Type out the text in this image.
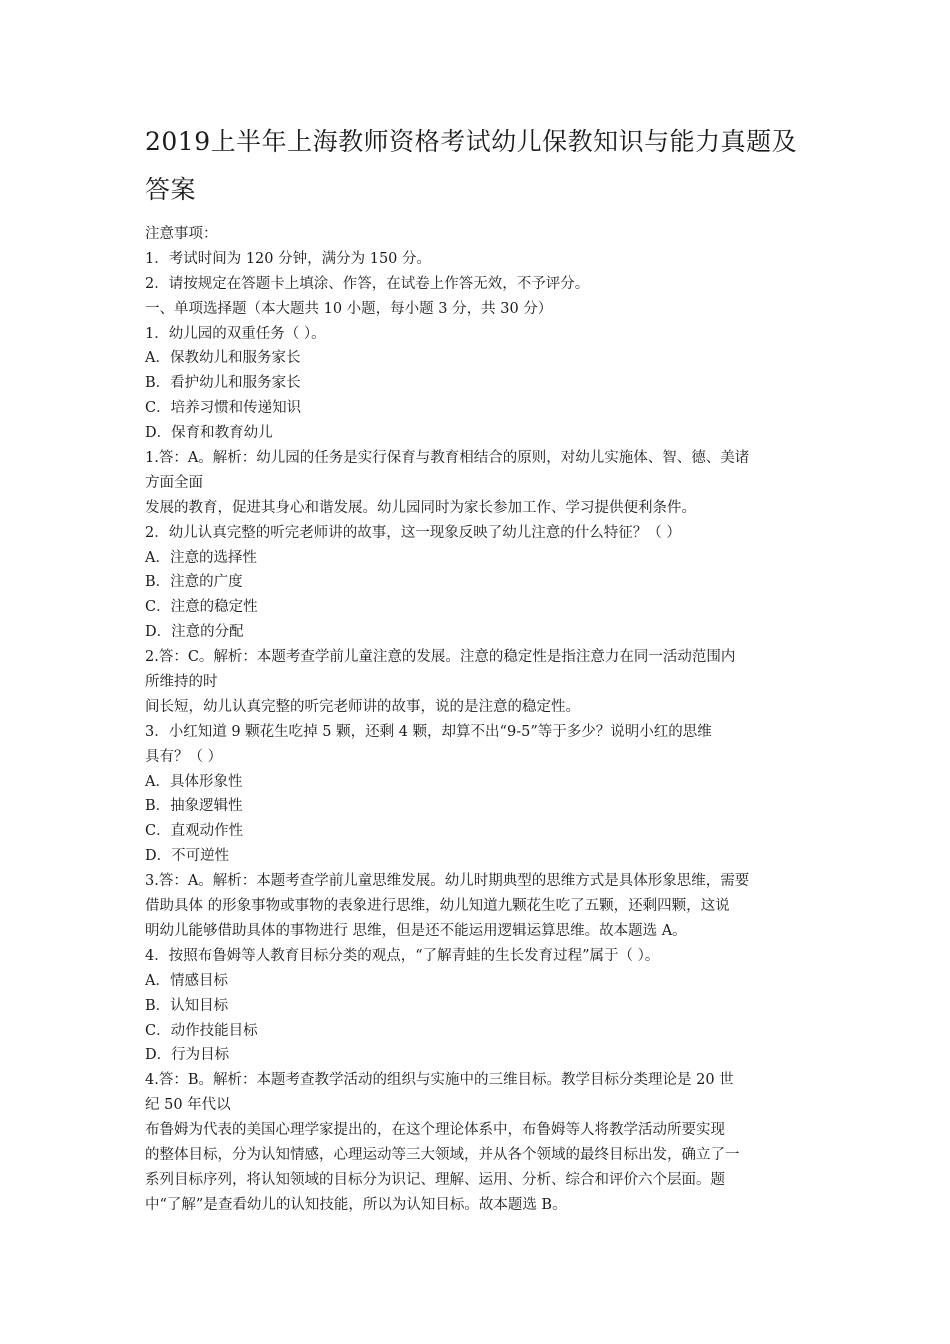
2019上半年上海教师资格考试幼儿保教知识与能力真题及
答案
注意事项：
1．考试时间为 120 分钟，满分为 150 分。
2．请按规定在答题卡上填涂、作答，在试卷上作答无效，不予评分。
一、单项选择题（本大题共 10 小题，每小题 3 分，共 30 分）
1．幼儿园的双重任务（ ）。
A．保教幼儿和服务家长
B．看护幼儿和服务家长
C．培养习惯和传递知识
D．保育和教育幼儿
1.答：A。解析：幼儿园的任务是实行保育与教育相结合的原则，对幼儿实施体、智、德、美诸
方面全面
发展的教育，促进其身心和谐发展。幼儿园同时为家长参加工作、学习提供便利条件。
2．幼儿认真完整的听完老师讲的故事，这一现象反映了幼儿注意的什么特征？（ ）
A．注意的选择性
B．注意的广度
C．注意的稳定性
D．注意的分配
2.答：C。解析：本题考查学前儿童注意的发展。注意的稳定性是指注意力在同一活动范围内
所维持的时
间长短，幼儿认真完整的听完老师讲的故事，说的是注意的稳定性。
3．小红知道 9 颗花生吃掉 5 颗，还剩 4 颗，却算不出“9-5”等于多少？说明小红的思维
具有？（ ）
A．具体形象性
B．抽象逻辑性
C．直观动作性
D．不可逆性
3.答：A。解析：本题考查学前儿童思维发展。幼儿时期典型的思维方式是具体形象思维，需要
借助具体 的形象事物或事物的表象进行思维，幼儿知道九颗花生吃了五颗，还剩四颗，这说
明幼儿能够借助具体的事物进行 思维，但是还不能运用逻辑运算思维。故本题选 A。
4．按照布鲁姆等人教育目标分类的观点，“了解青蛙的生长发育过程”属于（ ）。
A．情感目标
B．认知目标
C．动作技能目标
D．行为目标
4.答：B。解析：本题考查教学活动的组织与实施中的三维目标。教学目标分类理论是 20 世
纪 50 年代以
布鲁姆为代表的美国心理学家提出的，在这个理论体系中，布鲁姆等人将教学活动所要实现
的整体目标，分为认知情感，心理运动等三大领域，并从各个领域的最终目标出发，确立了一
系列目标序列，将认知领域的目标分为识记、理解、运用、分析、综合和评价六个层面。题
中“了解”是查看幼儿的认知技能，所以为认知目标。故本题选 B。
